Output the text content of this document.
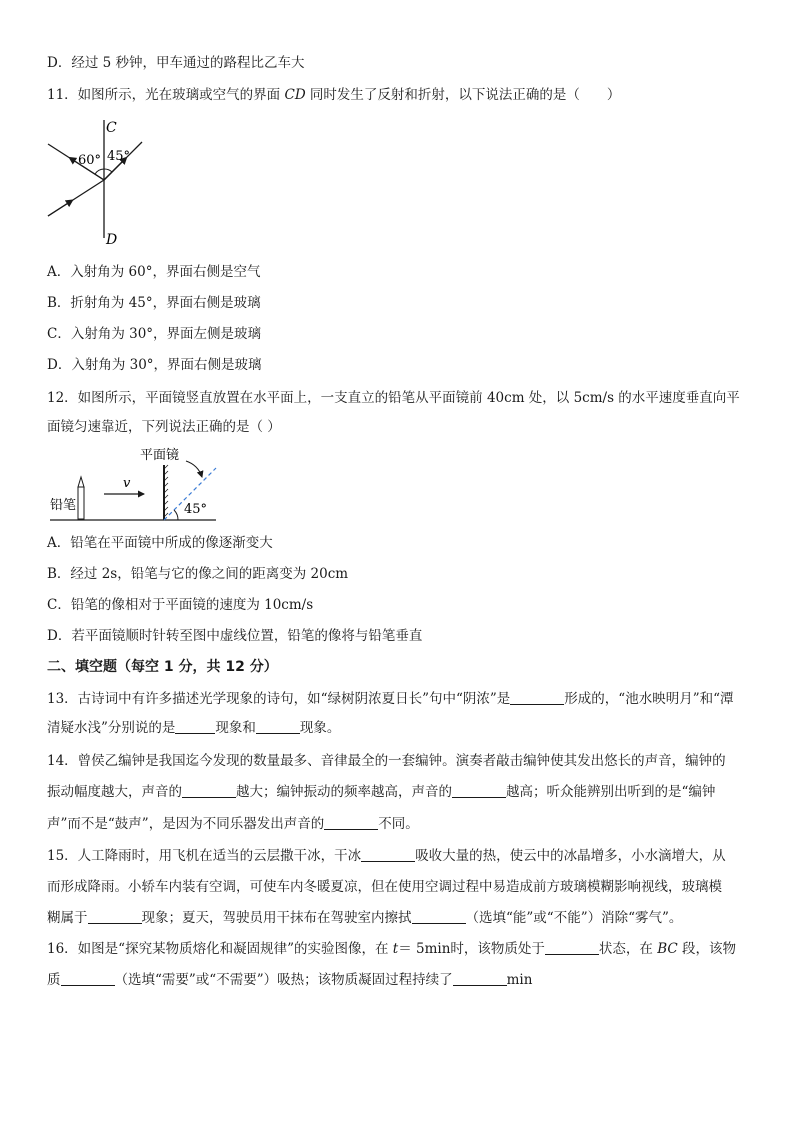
D．经过 5 秒钟，甲车通过的路程比乙车大
11．如图所示，光在玻璃或空气的界面 CD 同时发生了反射和折射，以下说法正确的是（　　）
C
D
60° 45°
A．入射角为 60°，界面右侧是空气
B．折射角为 45°，界面右侧是玻璃
C．入射角为 30°，界面左侧是玻璃
D．入射角为 30°，界面右侧是玻璃
12．如图所示，平面镜竖直放置在水平面上，一支直立的铅笔从平面镜前 40cm 处，以 5cm/s 的水平速度垂直向平
面镜匀速靠近，下列说法正确的是（ ）
铅笔
v
平面镜
45°
A．铅笔在平面镜中所成的像逐渐变大
B．经过 2s，铅笔与它的像之间的距离变为 20cm
C．铅笔的像相对于平面镜的速度为 10cm/s
D．若平面镜顺时针转至图中虚线位置，铅笔的像将与铅笔垂直
二、填空题（每空 1 分，共 12 分）
13．古诗词中有许多描述光学现象的诗句，如“绿树阴浓夏日长”句中“阴浓”是	形成的，“池水映明月”和“潭
清疑水浅”分别说的是	现象和	现象。
14．曾侯乙编钟是我国迄今发现的数量最多、音律最全的一套编钟。演奏者敲击编钟使其发出悠长的声音，编钟的
振动幅度越大，声音的	越大；编钟振动的频率越高，声音的	越高；听众能辨别出听到的是“编钟
声”而不是“鼓声”，是因为不同乐器发出声音的	不同。
15．人工降雨时，用飞机在适当的云层撒干冰，干冰	吸收大量的热，使云中的冰晶增多，小水滴增大，从
而形成降雨。小轿车内装有空调，可使车内冬暖夏凉，但在使用空调过程中易造成前方玻璃模糊影响视线，玻璃模
糊属于	现象；夏天，驾驶员用干抹布在驾驶室内擦拭	（选填“能”或“不能”）消除“雾气”。
16．如图是“探究某物质熔化和凝固规律”的实验图像，在 t＝ 5min时，该物质处于	状态，在 BC 段，该物
质	（选填“需要”或“不需要”）吸热；该物质凝固过程持续了	min
